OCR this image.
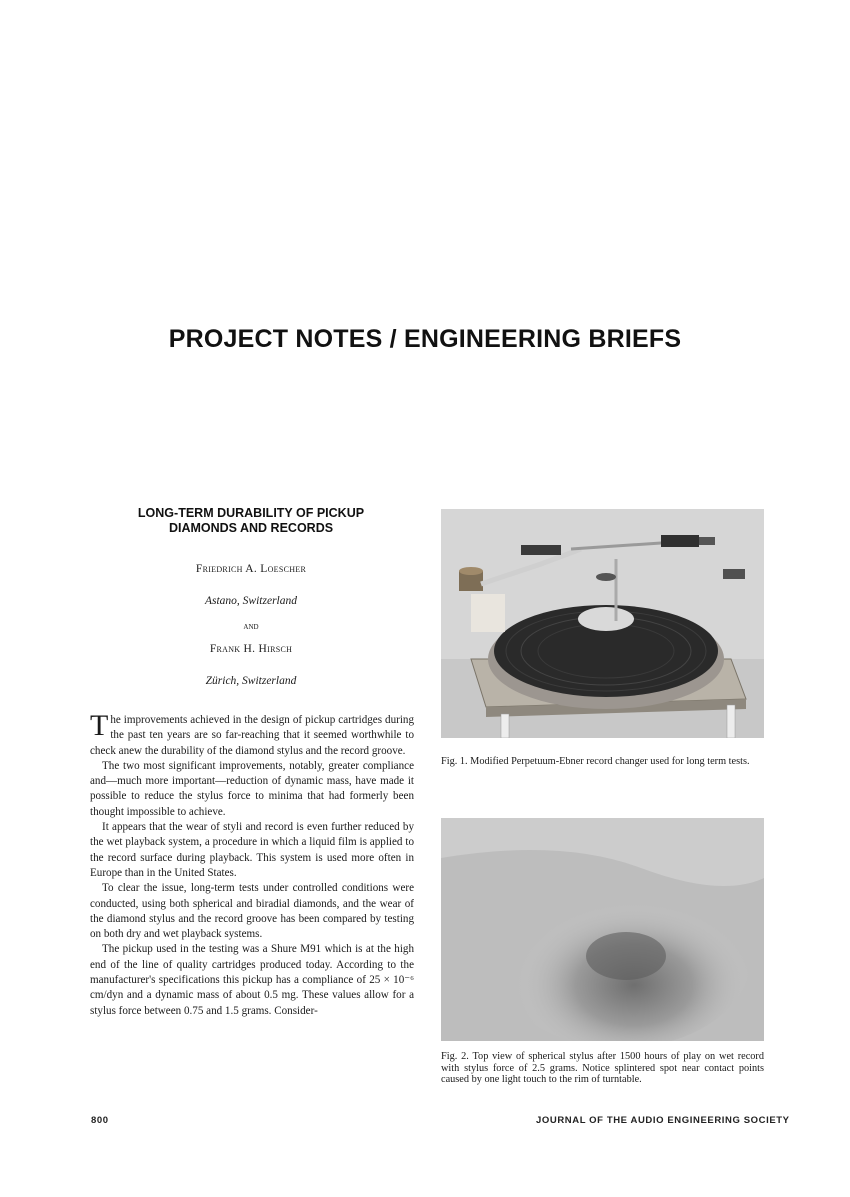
PROJECT NOTES / ENGINEERING BRIEFS
LONG-TERM DURABILITY OF PICKUP
DIAMONDS AND RECORDS
Friedrich A. Loescher
Astano, Switzerland
and
Frank H. Hirsch
Zürich, Switzerland

The improvements achieved in the design of pickup cartridges during the past ten years are so far-reaching that it seemed worthwhile to check anew the durability of the diamond stylus and the record groove.

The two most significant improvements, notably, greater compliance and—much more important—reduction of dynamic mass, have made it possible to reduce the stylus force to minima that had formerly been thought impossible to achieve.

It appears that the wear of styli and record is even further reduced by the wet playback system, a procedure in which a liquid film is applied to the record surface during playback. This system is used more often in Europe than in the United States.

To clear the issue, long-term tests under controlled conditions were conducted, using both spherical and biradial diamonds, and the wear of the diamond stylus and the record groove has been compared by testing on both dry and wet playback systems.

The pickup used in the testing was a Shure M91 which is at the high end of the line of quality cartridges produced today. According to the manufacturer's specifications this pickup has a compliance of 25 × 10⁻⁶ cm/dyn and a dynamic mass of about 0.5 mg. These values allow for a stylus force between 0.75 and 1.5 grams. Consider-

Fig. 1. Modified Perpetuum-Ebner record changer used for long term tests.
Fig. 2. Top view of spherical stylus after 1500 hours of play on wet record with stylus force of 2.5 grams. Notice splintered spot near contact points caused by one light touch to the rim of turntable.
800	JOURNAL OF THE AUDIO ENGINEERING SOCIETY
